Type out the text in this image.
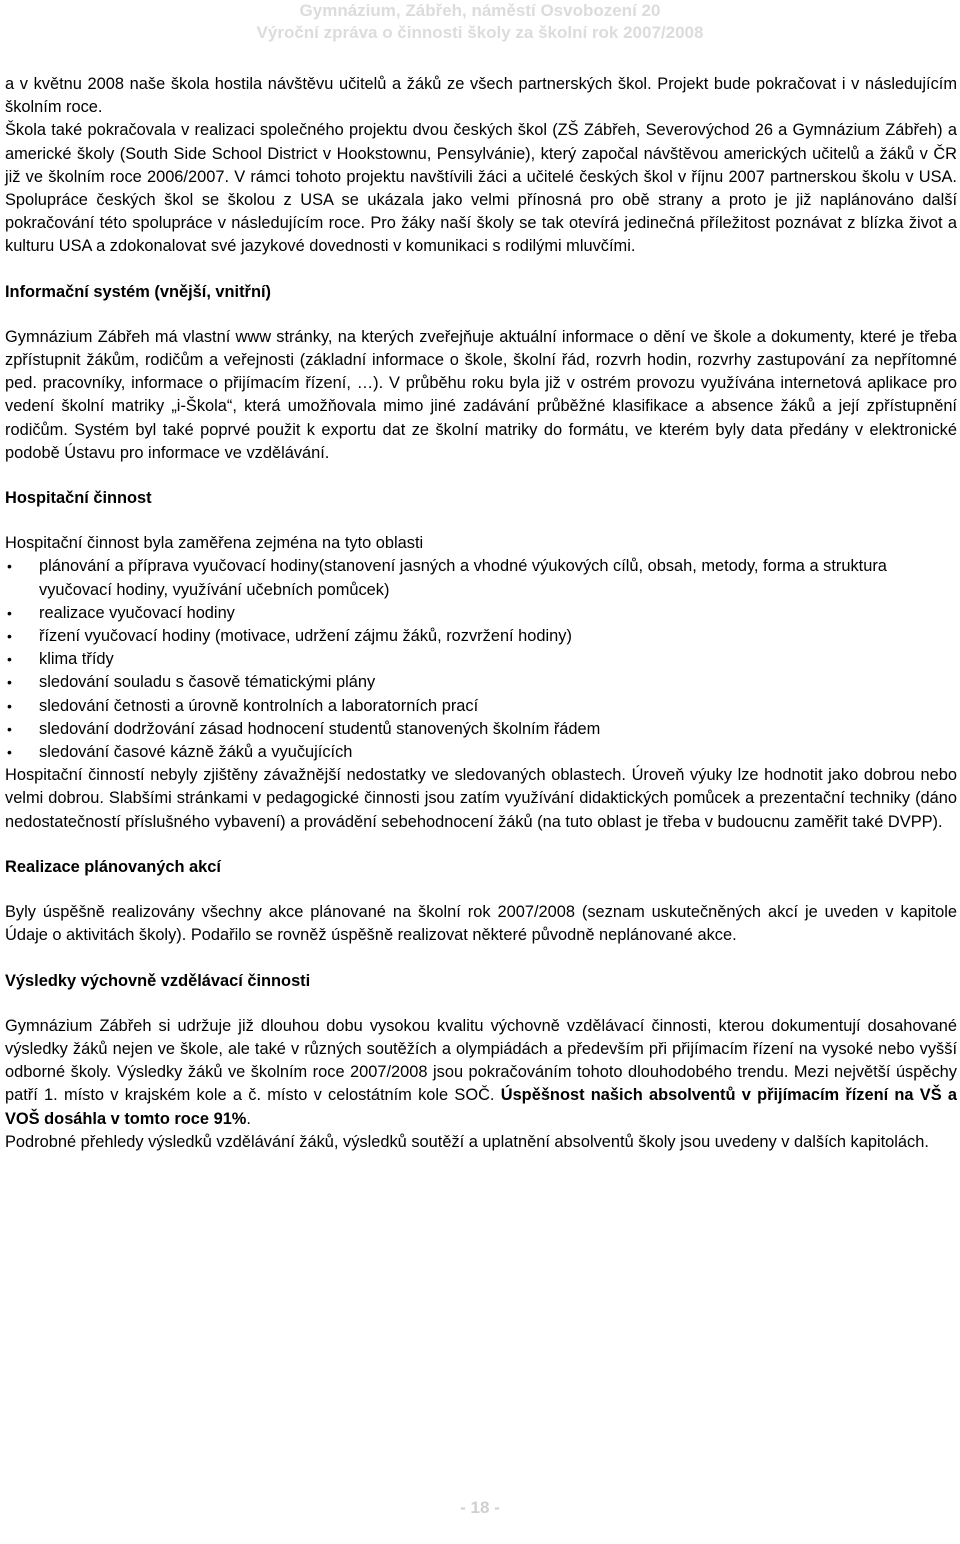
Gymnázium, Zábřeh, náměstí Osvobození 20
Výroční zpráva o činnosti školy za školní rok 2007/2008

a v květnu 2008 naše škola hostila návštěvu učitelů a žáků ze všech partnerských škol. Projekt bude pokračovat i v následujícím školním roce.

Škola také pokračovala v realizaci společného projektu dvou českých škol (ZŠ Zábřeh, Severovýchod 26 a Gymnázium Zábřeh) a americké školy (South Side School District v Hookstownu, Pensylvánie), který započal návštěvou amerických učitelů a žáků v ČR již ve školním roce 2006/2007. V rámci tohoto projektu navštívili žáci a učitelé českých škol v říjnu 2007 partnerskou školu v USA. Spolupráce českých škol se školou z USA se ukázala jako velmi přínosná pro obě strany a proto je již naplánováno další pokračování této spolupráce v následujícím roce. Pro žáky naší školy se tak otevírá jedinečná příležitost poznávat z blízka život a kulturu USA a zdokonalovat své jazykové dovednosti v komunikaci s rodilými mluvčími.

Informační systém (vnější, vnitřní)

Gymnázium Zábřeh má vlastní www stránky, na kterých zveřejňuje aktuální informace o dění ve škole a dokumenty, které je třeba zpřístupnit žákům, rodičům a veřejnosti (základní informace o škole, školní řád, rozvrh hodin, rozvrhy zastupování za nepřítomné ped. pracovníky, informace o přijímacím řízení, …). V průběhu roku byla již v ostrém provozu využívána internetová aplikace pro vedení školní matriky „i-Škola“, která umožňovala mimo jiné zadávání průběžné klasifikace a absence žáků a její zpřístupnění rodičům. Systém byl také poprvé použit k exportu dat ze školní matriky do formátu, ve kterém byly data předány v elektronické podobě Ústavu pro informace ve vzdělávání.

Hospitační činnost

Hospitační činnost byla zaměřena zejména na tyto oblasti

• plánování a příprava vyučovací hodiny(stanovení jasných a vhodné výukových cílů, obsah, metody, forma a struktura vyučovací hodiny, využívání učebních pomůcek)
• realizace vyučovací hodiny
• řízení vyučovací hodiny (motivace, udržení zájmu žáků, rozvržení hodiny)
• klima třídy
• sledování souladu s časově tématickými plány
• sledování četnosti a úrovně kontrolních a laboratorních prací
• sledování dodržování zásad hodnocení studentů stanovených školním řádem
• sledování časové kázně žáků a vyučujících

Hospitační činností nebyly zjištěny závažnější nedostatky ve sledovaných oblastech. Úroveň výuky lze hodnotit jako dobrou nebo velmi dobrou. Slabšími stránkami v pedagogické činnosti jsou zatím využívání didaktických pomůcek a prezentační techniky (dáno nedostatečností příslušného vybavení) a provádění sebehodnocení žáků (na tuto oblast je třeba v budoucnu zaměřit také DVPP).

Realizace plánovaných akcí

Byly úspěšně realizovány všechny akce plánované na školní rok 2007/2008 (seznam uskutečněných akcí je uveden v kapitole Údaje o aktivitách školy). Podařilo se rovněž úspěšně realizovat některé původně neplánované akce.

Výsledky výchovně vzdělávací činnosti

Gymnázium Zábřeh si udržuje již dlouhou dobu vysokou kvalitu výchovně vzdělávací činnosti, kterou dokumentují dosahované výsledky žáků nejen ve škole, ale také v různých soutěžích a olympiádách a především při přijímacím řízení na vysoké nebo vyšší odborné školy. Výsledky žáků ve školním roce 2007/2008 jsou pokračováním tohoto dlouhodobého trendu. Mezi největší úspěchy patří 1. místo v krajském kole a č. místo v celostátním kole SOČ. Úspěšnost našich absolventů v přijímacím řízení na VŠ a VOŠ dosáhla v tomto roce 91%.

Podrobné přehledy výsledků vzdělávání žáků, výsledků soutěží a uplatnění absolventů školy jsou uvedeny v dalších kapitolách.

- 18 -
